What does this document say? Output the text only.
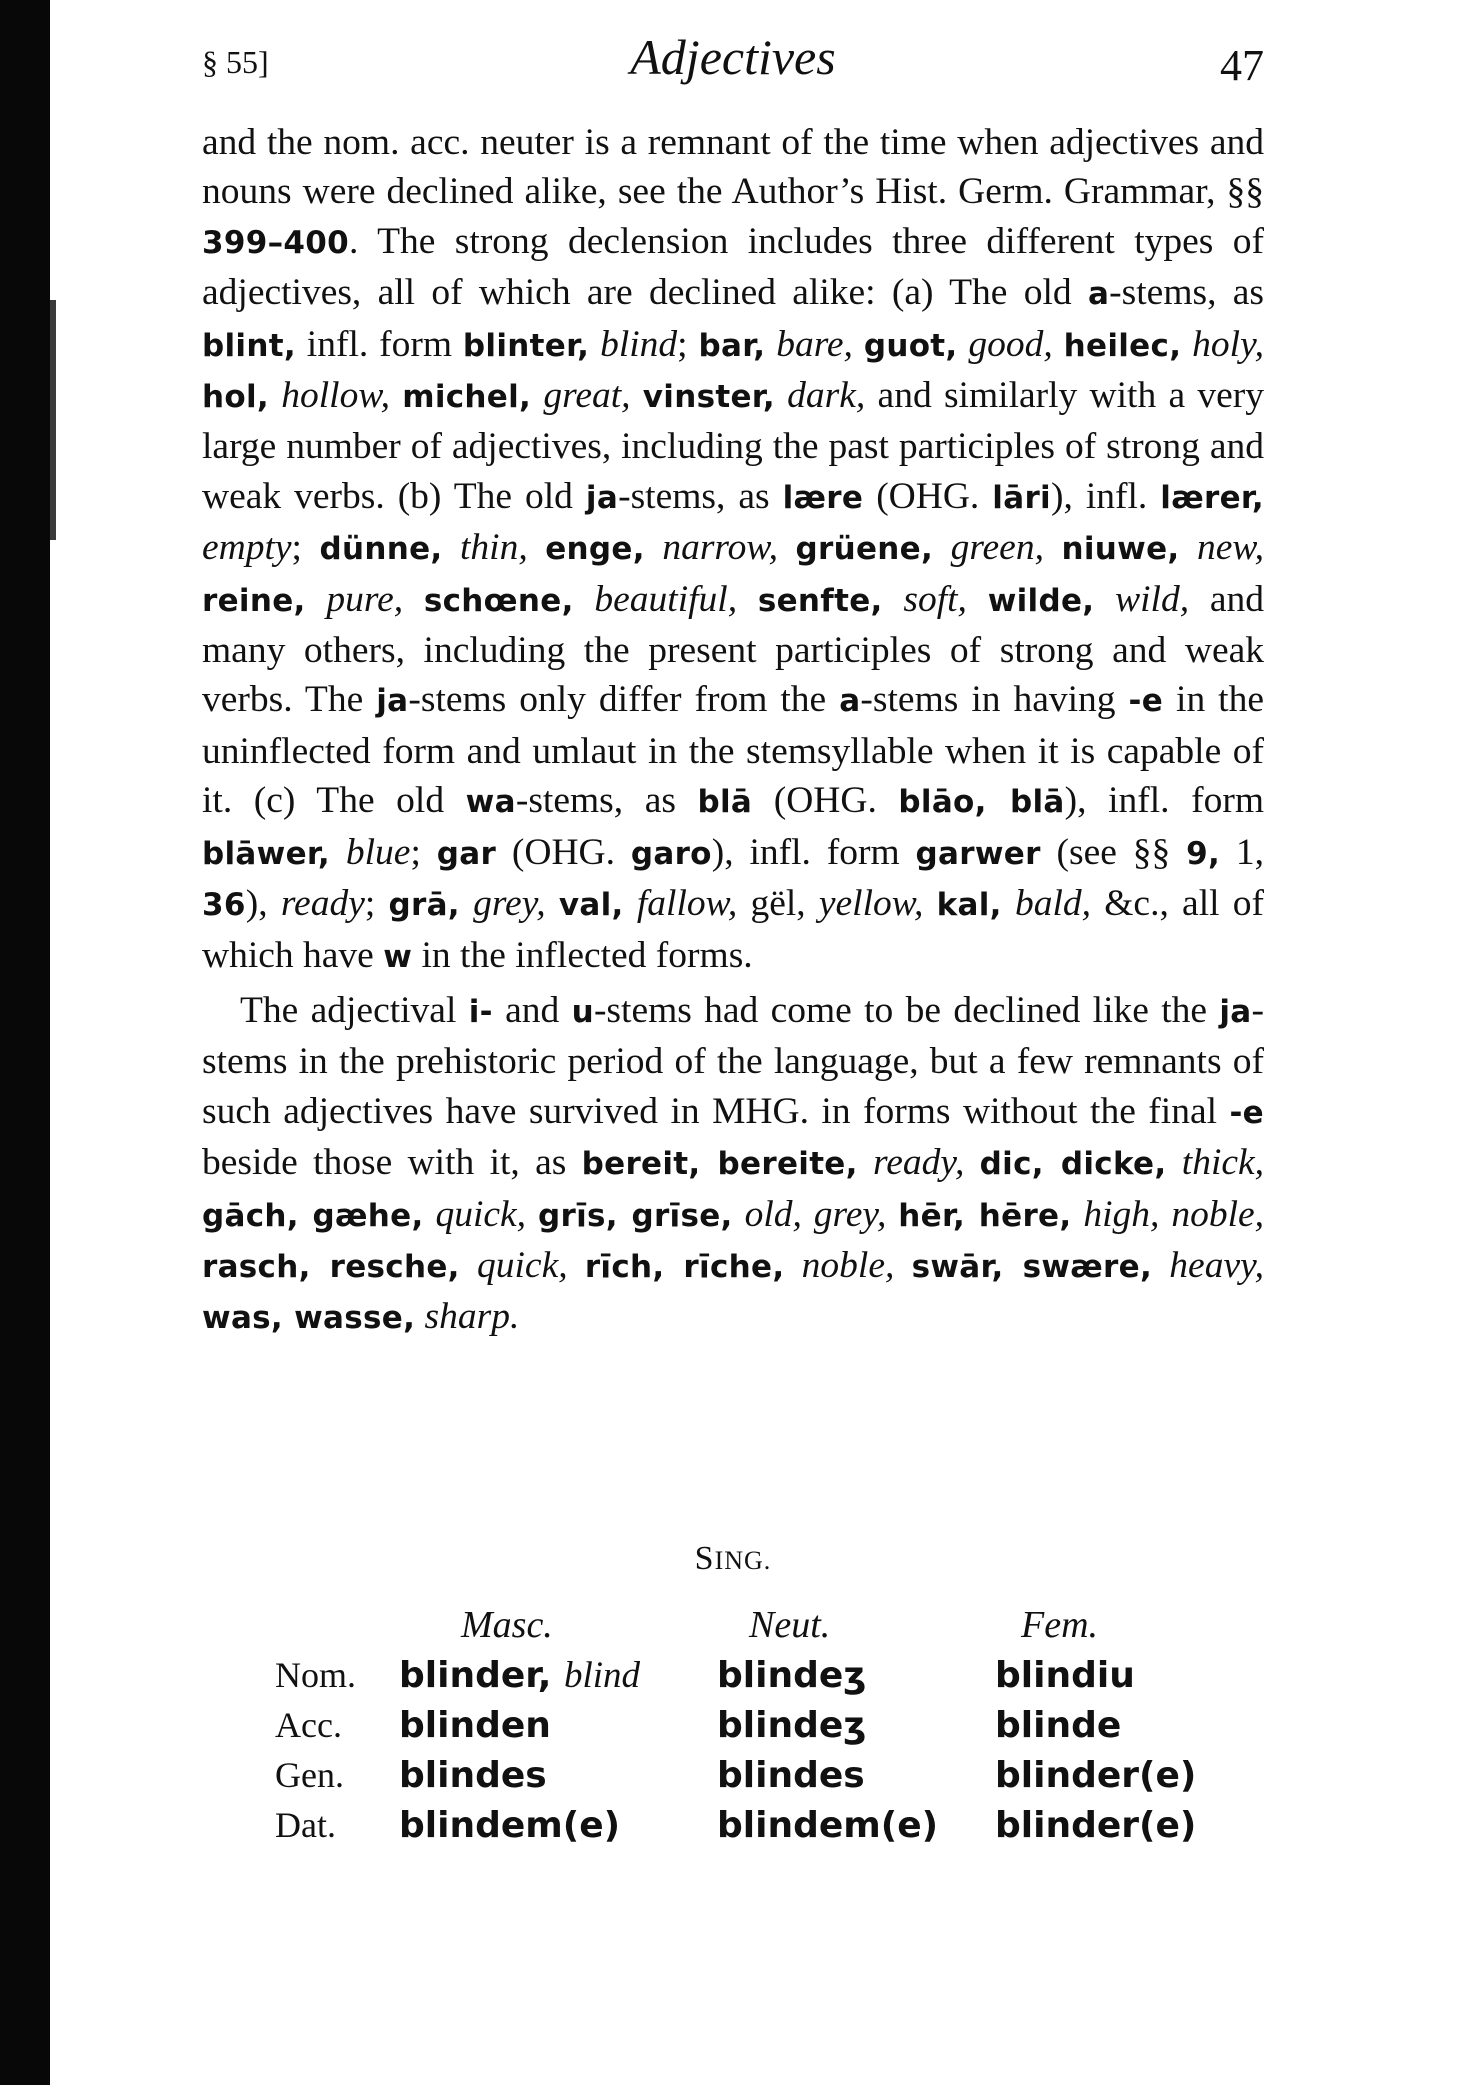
§ 55]	Adjectives	47

and the nom. acc. neuter is a remnant of the time when adjectives and nouns were declined alike, see the Author’s Hist. Germ. Grammar, §§ 399–400. The strong declension includes three different types of adjectives, all of which are declined alike: (a) The old a-stems, as blint, infl. form blinter, blind; bar, bare, guot, good, heilec, holy, hol, hollow, michel, great, vinster, dark, and similarly with a very large number of adjectives, including the past participles of strong and weak verbs. (b) The old ja-stems, as lære (OHG. lāri), infl. lærer, empty; dünne, thin, enge, narrow, grüene, green, niuwe, new, reine, pure, schœne, beautiful, senfte, soft, wilde, wild, and many others, including the present participles of strong and weak verbs. The ja-stems only differ from the a-stems in having -e in the uninflected form and umlaut in the stemsyllable when it is capable of it. (c) The old wa-stems, as blā (OHG. blāo, blā), infl. form blāwer, blue; gar (OHG. garo), infl. form garwer (see §§ 9, 1, 36), ready; grā, grey, val, fallow, gël, yellow, kal, bald, &c., all of which have w in the inflected forms.

The adjectival i- and u-stems had come to be declined like the ja-stems in the prehistoric period of the language, but a few remnants of such adjectives have survived in MHG. in forms without the final -e beside those with it, as bereit, bereite, ready, dic, dicke, thick, gāch, gæhe, quick, grīs, grīse, old, grey, hēr, hēre, high, noble, rasch, resche, quick, rīch, rīche, noble, swār, swære, heavy, was, wasse, sharp.

SING.
	Masc.	Neut.	Fem.
Nom.	blinder, blind	blindeʒ	blindiu
Acc.	blinden	blindeʒ	blinde
Gen.	blindes	blindes	blinder(e)
Dat.	blindem(e)	blindem(e)	blinder(e)
